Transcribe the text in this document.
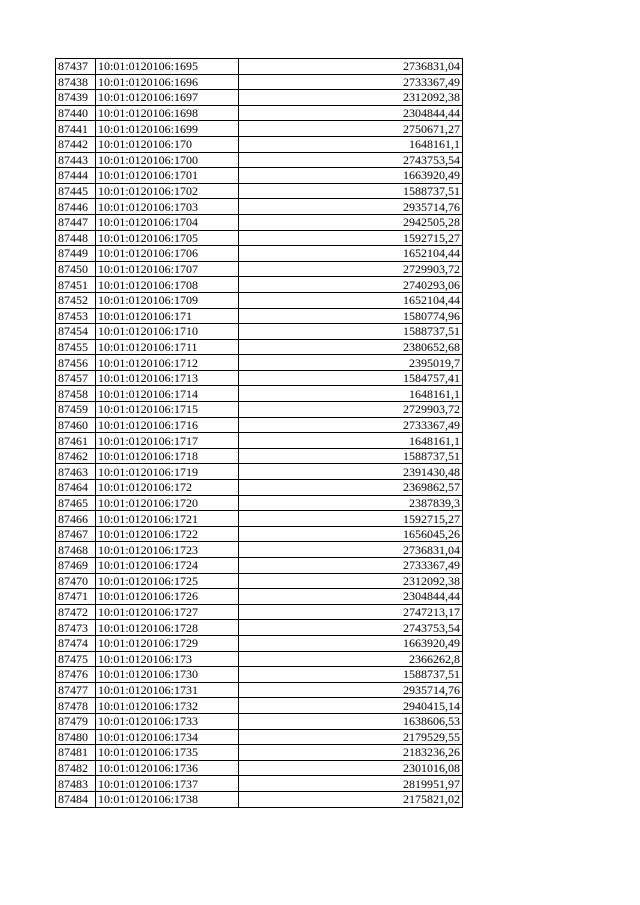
87437	10:01:0120106:1695	2736831,04
87438	10:01:0120106:1696	2733367,49
87439	10:01:0120106:1697	2312092,38
87440	10:01:0120106:1698	2304844,44
87441	10:01:0120106:1699	2750671,27
87442	10:01:0120106:170	1648161,1
87443	10:01:0120106:1700	2743753,54
87444	10:01:0120106:1701	1663920,49
87445	10:01:0120106:1702	1588737,51
87446	10:01:0120106:1703	2935714,76
87447	10:01:0120106:1704	2942505,28
87448	10:01:0120106:1705	1592715,27
87449	10:01:0120106:1706	1652104,44
87450	10:01:0120106:1707	2729903,72
87451	10:01:0120106:1708	2740293,06
87452	10:01:0120106:1709	1652104,44
87453	10:01:0120106:171	1580774,96
87454	10:01:0120106:1710	1588737,51
87455	10:01:0120106:1711	2380652,68
87456	10:01:0120106:1712	2395019,7
87457	10:01:0120106:1713	1584757,41
87458	10:01:0120106:1714	1648161,1
87459	10:01:0120106:1715	2729903,72
87460	10:01:0120106:1716	2733367,49
87461	10:01:0120106:1717	1648161,1
87462	10:01:0120106:1718	1588737,51
87463	10:01:0120106:1719	2391430,48
87464	10:01:0120106:172	2369862,57
87465	10:01:0120106:1720	2387839,3
87466	10:01:0120106:1721	1592715,27
87467	10:01:0120106:1722	1656045,26
87468	10:01:0120106:1723	2736831,04
87469	10:01:0120106:1724	2733367,49
87470	10:01:0120106:1725	2312092,38
87471	10:01:0120106:1726	2304844,44
87472	10:01:0120106:1727	2747213,17
87473	10:01:0120106:1728	2743753,54
87474	10:01:0120106:1729	1663920,49
87475	10:01:0120106:173	2366262,8
87476	10:01:0120106:1730	1588737,51
87477	10:01:0120106:1731	2935714,76
87478	10:01:0120106:1732	2940415,14
87479	10:01:0120106:1733	1638606,53
87480	10:01:0120106:1734	2179529,55
87481	10:01:0120106:1735	2183236,26
87482	10:01:0120106:1736	2301016,08
87483	10:01:0120106:1737	2819951,97
87484	10:01:0120106:1738	2175821,02
